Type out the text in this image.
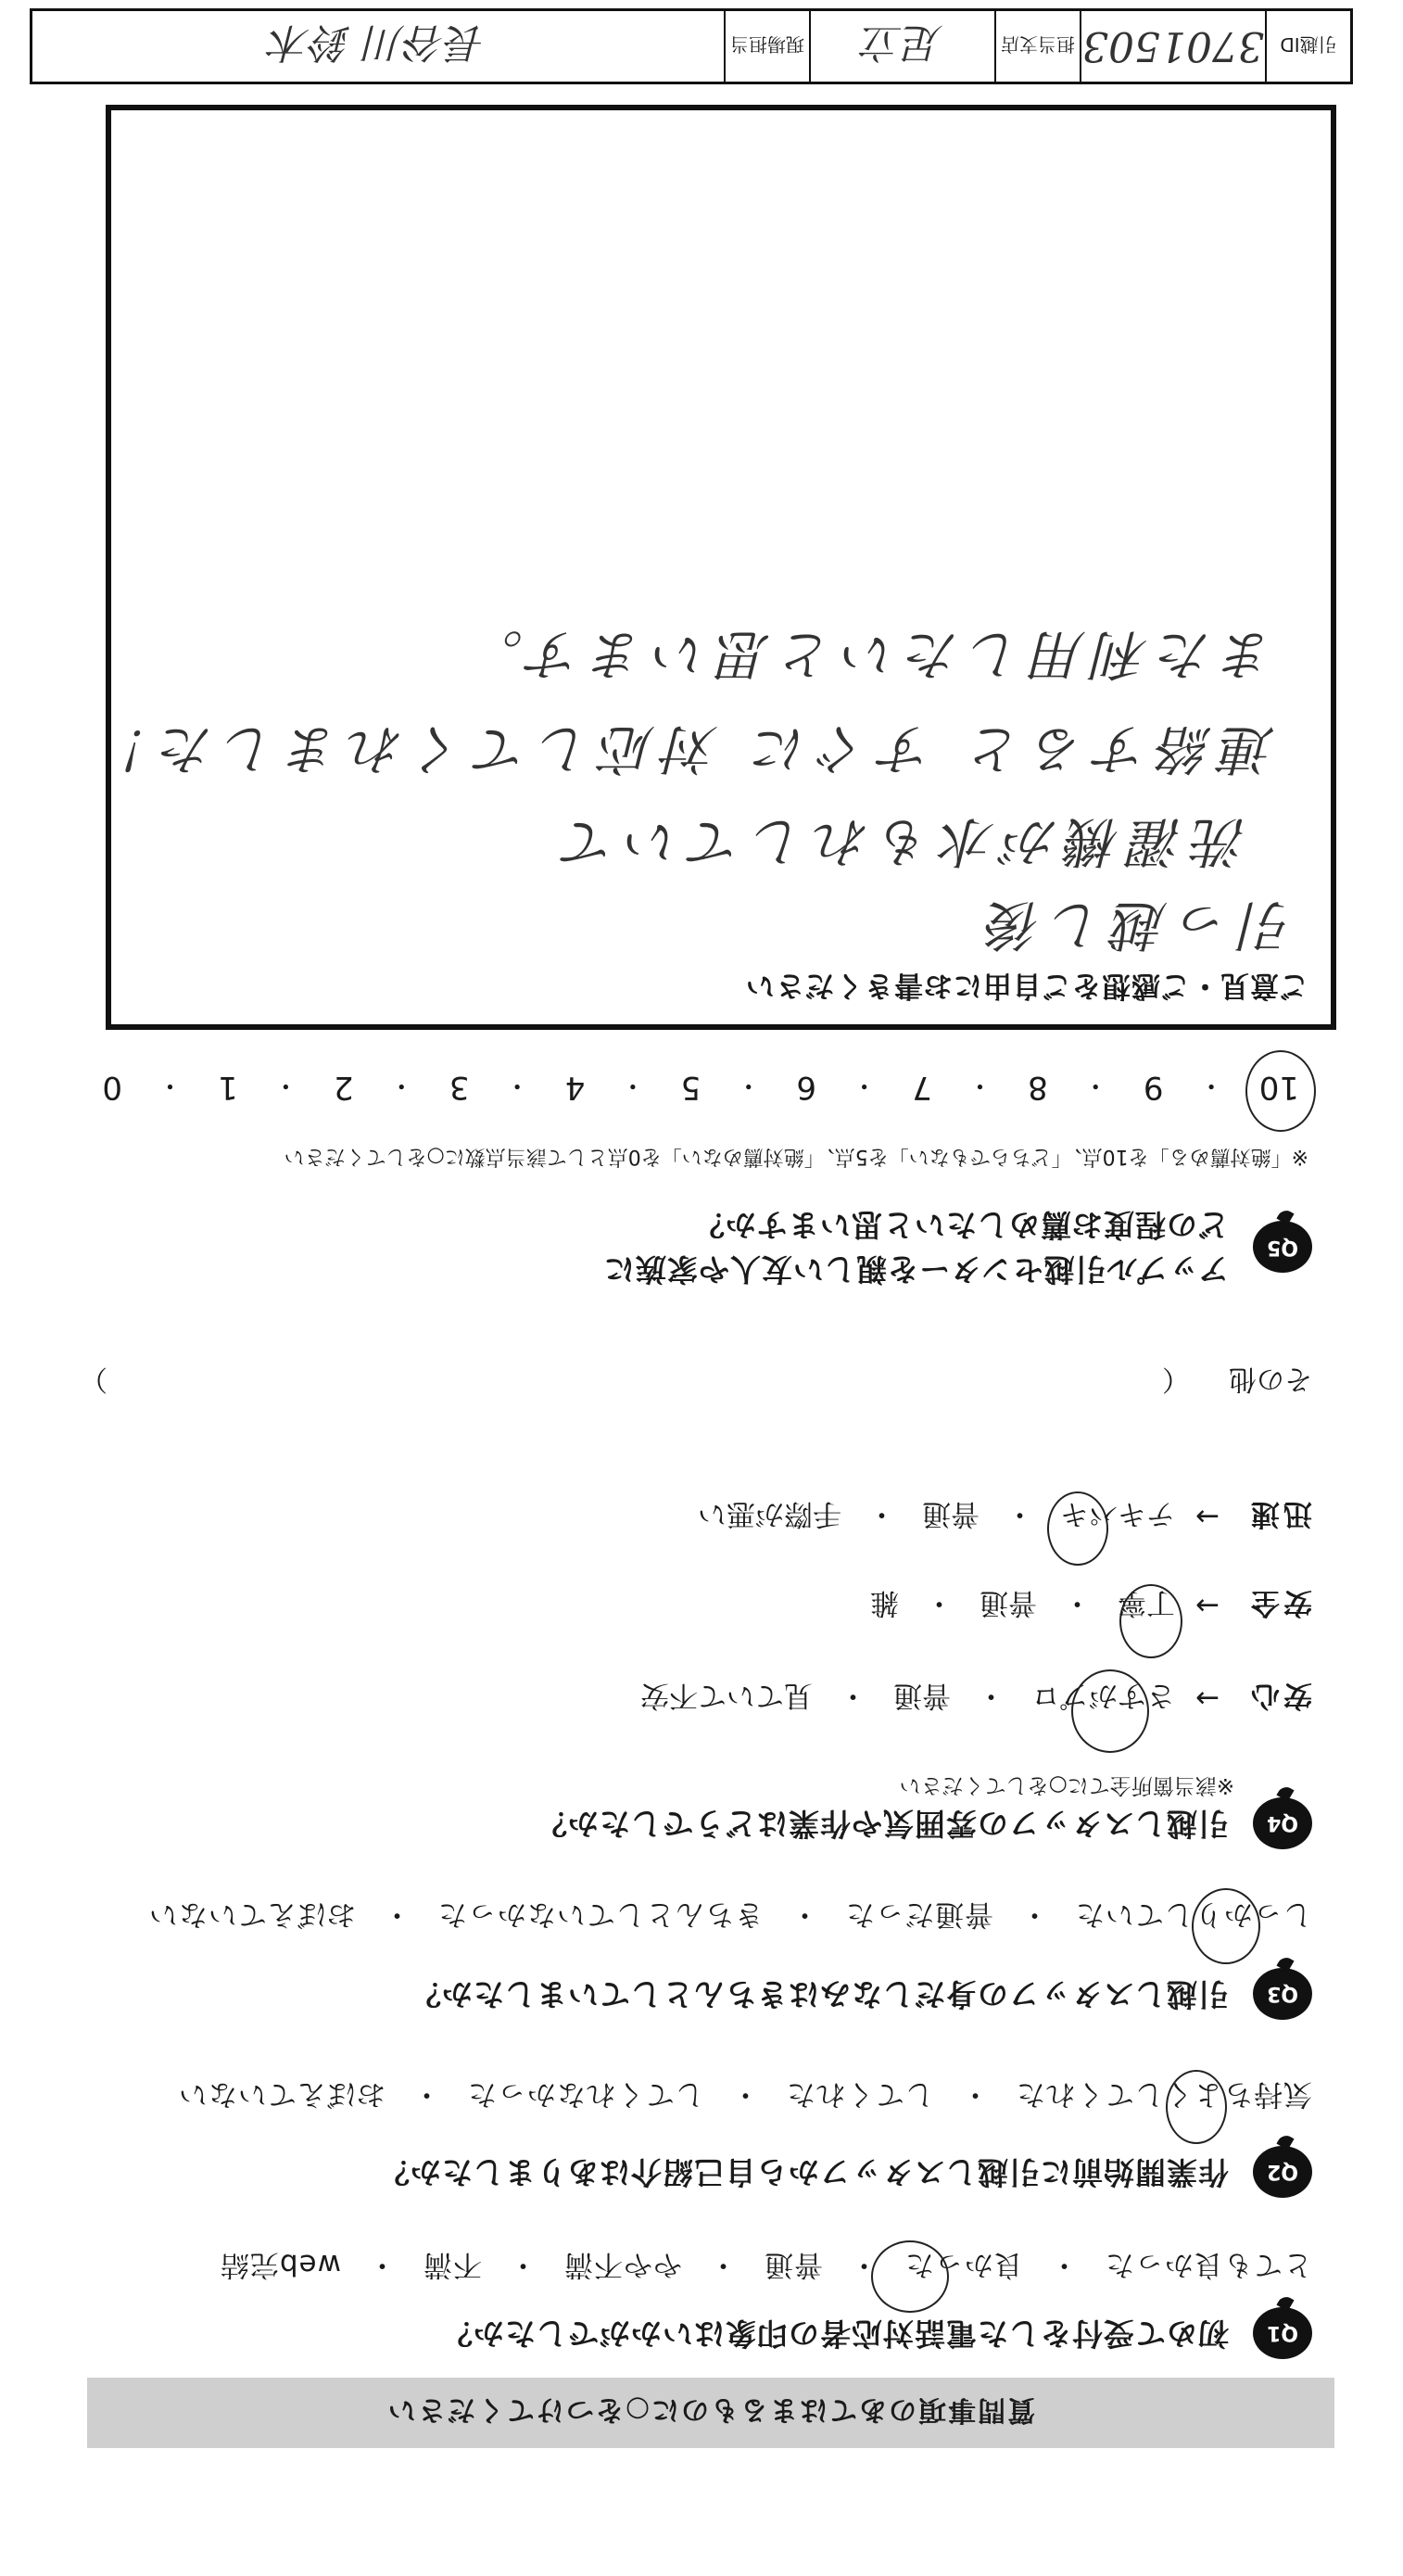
質問事項のあてはまるものに○をつけてください
Q1
初めて受付をした電話対応者の印象はいかがでしたか？
とても良かった
・
良かった
・
普通
・
やや不満
・
不満
・
web完結
Q2
作業開始前に引越しスタッフから自己紹介はありましたか？
気持ちよくしてくれた
・
してくれた
・
してくれなかった
・
おぼえていない
Q3
引越しスタッフの身だしなみはきちんとしていましたか？
しっかりしていた
・
普通だった
・
きちんとしていなかった
・
おぼえていない
Q4
引越しスタッフの雰囲気や作業はどうでしたか？
※該当箇所全てに○をしてください
安心
→
さすがプロ
・
普通
・
見ていて不安
安全
→
丁寧
・
普通
・
雑
迅速
→
テキパキ
・
普通
・
手際が悪い
その他
（
）
Q5
アップル引越センターを親しい友人や家族に
どの程度お薦めしたいと思いますか？
※「絶対薦める」を10点、「どちらでもない」を5点、「絶対薦めない」を0点として該当点数に○をしてください
10
・
9
・
8
・
7
・
6
・
5
・
4
・
3
・
2
・
1
・
0
ご意見・ご感想をご自由にお書きください
引っ越し後
洗濯機が水もれしていて
連絡すると すぐに 対応してくれました！
また利用したいと思います。
引越ID
3701503
担当支店
足立
現場担当
長谷川 鈴木
